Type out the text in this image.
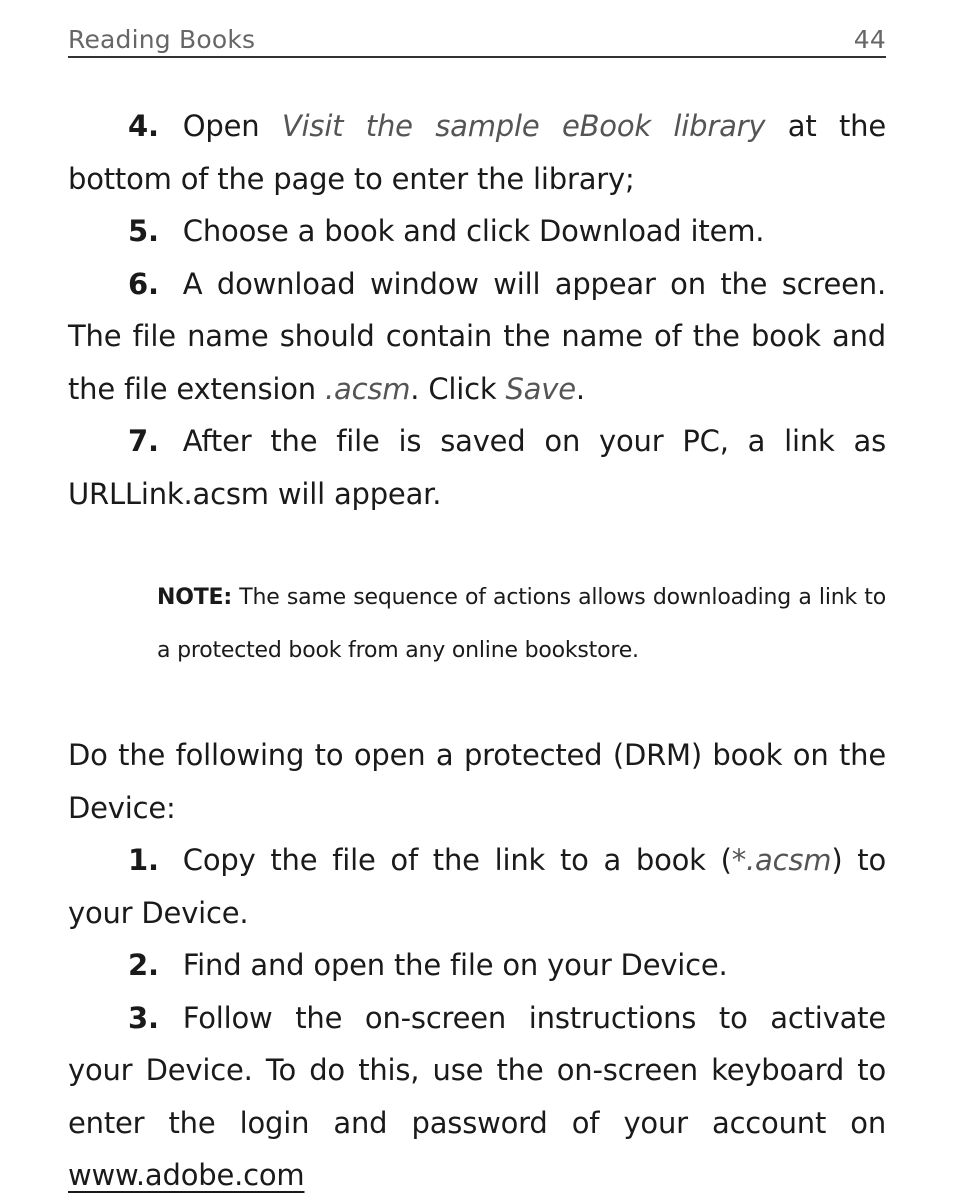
Reading Books	44

4. Open Visit the sample eBook library at the bottom of the page to enter the library;

5. Choose a book and click Download item.

6. A download window will appear on the screen. The file name should contain the name of the book and the file extension .acsm. Click Save.

7. After the file is saved on your PC, a link as URLLink.acsm will appear.

NOTE: The same sequence of actions allows downloading a link to a protected book from any online bookstore.

Do the following to open a protected (DRM) book on the Device:

1. Copy the file of the link to a book (*.acsm) to your Device.

2. Find and open the file on your Device.

3. Follow the on-screen instructions to activate your Device. To do this, use the on-screen keyboard to enter the login and password of your account on www.adobe.com
